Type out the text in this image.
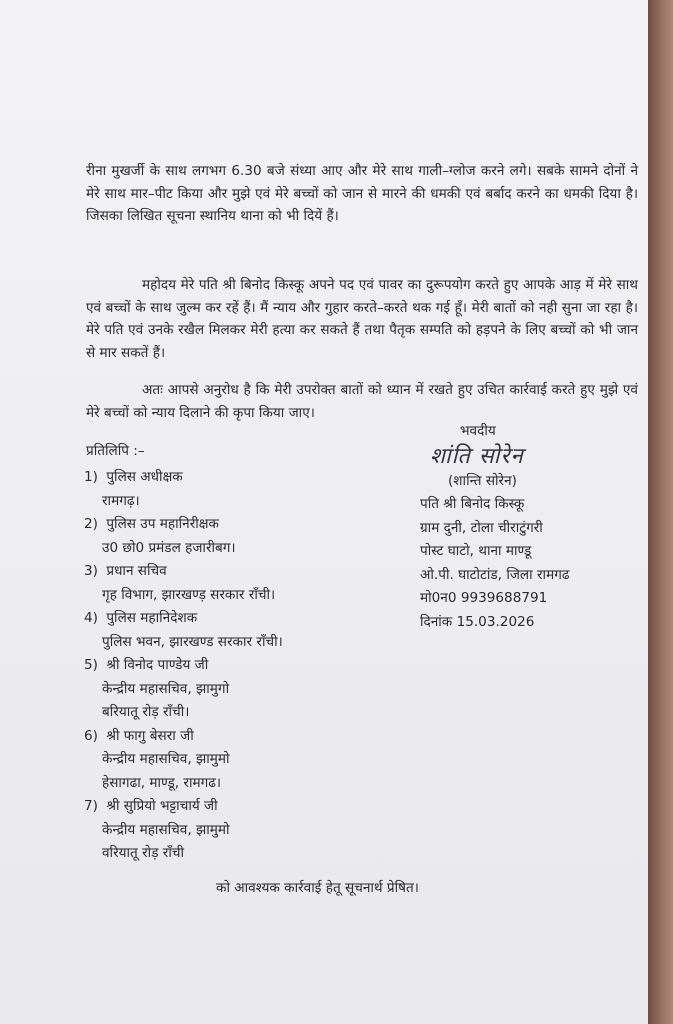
रीना मुखर्जी के साथ लगभग 6.30 बजे संध्या आए और मेरे साथ गाली–ग्लोज करने लगे। सबके सामने दोनों ने मेरे साथ मार–पीट किया और मुझे एवं मेरे बच्चों को जान से मारने की धमकी एवं बर्बाद करने का धमकी दिया है। जिसका लिखित सूचना स्थानिय थाना को भी दियें हैं।

महोदय मेरे पति श्री बिनोद किस्कू अपने पद एवं पावर का दुरूपयोग करते हुए आपके आड़ में मेरे साथ एवं बच्चों के साथ जुल्म कर रहें हैं। मैं न्याय और गुहार करते–करते थक गई हूँ। मेरी बातों को नही सुना जा रहा है। मेरे पति एवं उनके रखैल मिलकर मेरी हत्या कर सकते हैं तथा पैतृक सम्पति को हड़पने के लिए बच्चों को भी जान से मार सकतें हैं।

अतः आपसे अनुरोध है कि मेरी उपरोक्त बातों को ध्यान में रखते हुए उचित कार्रवाई करते हुए मुझे एवं मेरे बच्चों को न्याय दिलाने की कृपा किया जाए।

प्रतिलिपि :–
1) पुलिस अधीक्षक
रामगढ़।
2) पुलिस उप महानिरीक्षक
उ0 छो0 प्रमंडल हजारीबग।
3) प्रधान सचिव
गृह विभाग, झारखण्ड़ सरकार राँची।
4) पुलिस महानिदेशक
पुलिस भवन, झारखण्ड सरकार राँची।
5) श्री विनोद पाण्डेय जी
केन्द्रीय महासचिव, झामुगो
बरियातू रोड़ राँची।
6) श्री फागु बेसरा जी
केन्द्रीय महासचिव, झामुमो
हेसागढा, माण्डू, रामगढ।
7) श्री सुप्रियो भट्टाचार्य जी
केन्द्रीय महासचिव, झामुमो
वरियातू रोड़ राँची
भवदीय
शांति सोरेन
(शान्ति सोरेन)
पति श्री बिनोद किस्कू
ग्राम दुनी, टोला चीराटुंगरी
पोस्ट घाटो, थाना माण्डू
ओ.पी. घाटोटांड, जिला रामगढ
मो0न0 9939688791
दिनांक 15.03.2026
को आवश्यक कार्रवाई हेतू सूचनार्थ प्रेषित।
